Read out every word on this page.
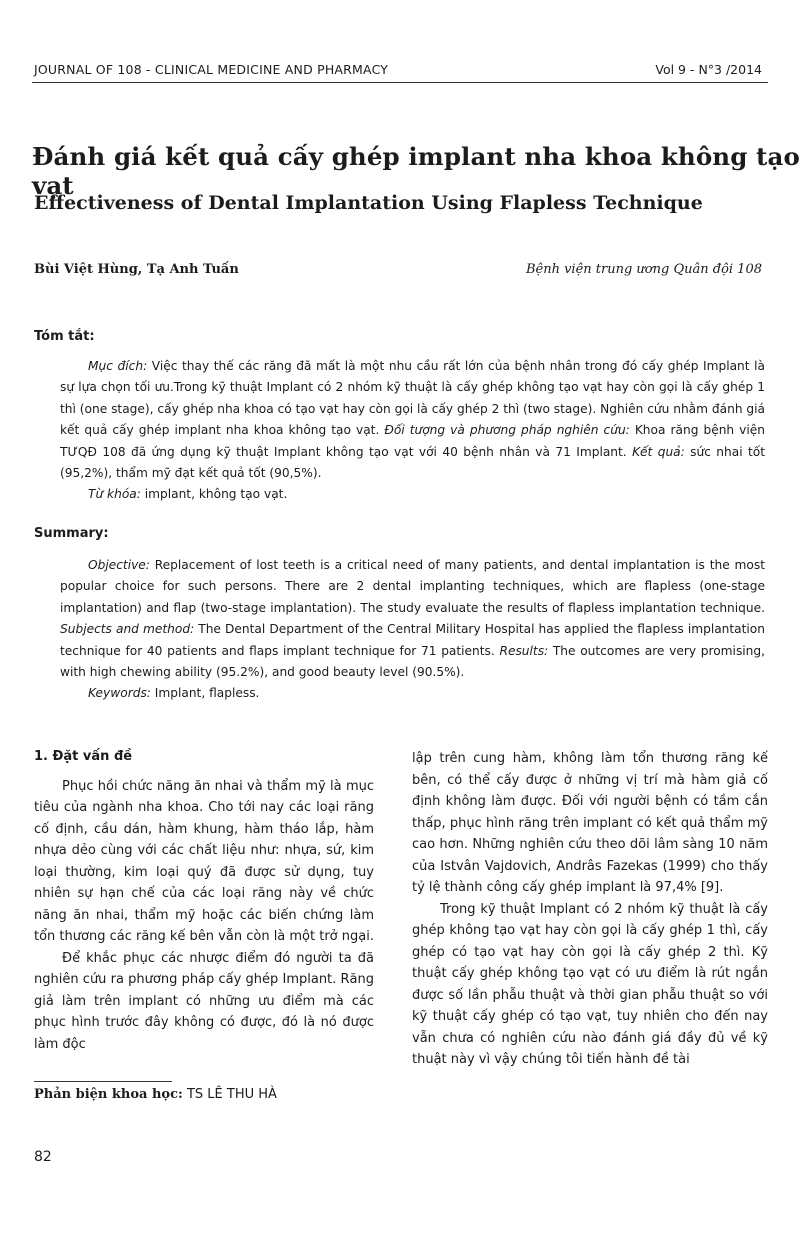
JOURNAL OF 108 - CLINICAL MEDICINE AND PHARMACY	Vol 9 - N°3 /2014
Đánh giá kết quả cấy ghép implant nha khoa không tạo vạt
Effectiveness of Dental Implantation Using Flapless Technique
Bùi Việt Hùng, Tạ Anh Tuấn	Bệnh viện trung ương Quân đội 108
Tóm tắt:

Mục đích: Việc thay thế các răng đã mất là một nhu cầu rất lớn của bệnh nhân trong đó cấy ghép Implant là sự lựa chọn tối ưu.Trong kỹ thuật Implant có 2 nhóm kỹ thuật là cấy ghép không tạo vạt hay còn gọi là cấy ghép 1 thì (one stage), cấy ghép nha khoa có tạo vạt hay còn gọi là cấy ghép 2 thì (two stage). Nghiên cứu nhằm đánh giá kết quả cấy ghép implant nha khoa không tạo vạt. Đối tượng và phương pháp nghiên cứu: Khoa răng bệnh viện TƯQĐ 108 đã ứng dụng kỹ thuật Implant không tạo vạt với 40 bệnh nhân và 71 Implant. Kết quả: sức nhai tốt (95,2%), thẩm mỹ đạt kết quả tốt (90,5%).

Từ khóa: implant, không tạo vạt.

Summary:

Objective: Replacement of lost teeth is a critical need of many patients, and dental implantation is the most popular choice for such persons. There are 2 dental implanting techniques, which are flapless (one-stage implantation) and flap (two-stage implantation). The study evaluate the results of flapless implantation technique. Subjects and method: The Dental Department of the Central Military Hospital has applied the flapless implantation technique for 40 patients and flaps implant technique for 71 patients. Results: The outcomes are very promising, with high chewing ability (95.2%), and good beauty level (90.5%).

Keywords: Implant, flapless.

1. Đặt vấn đề

Phục hồi chức năng ăn nhai và thẩm mỹ là mục tiêu của ngành nha khoa. Cho tới nay các loại răng cố định, cầu dán, hàm khung, hàm tháo lắp, hàm nhựa dẻo cùng với các chất liệu như: nhựa, sứ, kim loại thường, kim loại quý đã được sử dụng, tuy nhiên sự hạn chế của các loại răng này về chức năng ăn nhai, thẩm mỹ hoặc các biến chứng làm tổn thương các răng kế bên vẫn còn là một trở ngại.

Để khắc phục các nhược điểm đó người ta đã nghiên cứu ra phương pháp cấy ghép Implant. Răng giả làm trên implant có những ưu điểm mà các phục hình trước đây không có được, đó là nó được làm độc

lập trên cung hàm, không làm tổn thương răng kế bên, có thể cấy được ở những vị trí mà hàm giả cố định không làm được. Đối với người bệnh có tầm cắn thấp, phục hình răng trên implant có kết quả thẩm mỹ cao hơn. Những nghiên cứu theo dõi lâm sàng 10 năm của Istvân Vajdovich, Andrâs Fazekas (1999) cho thấy tỷ lệ thành công cấy ghép implant là 97,4% [9].

Trong kỹ thuật Implant có 2 nhóm kỹ thuật là cấy ghép không tạo vạt hay còn gọi là cấy ghép 1 thì, cấy ghép có tạo vạt hay còn gọi là cấy ghép 2 thì. Kỹ thuật cấy ghép không tạo vạt có ưu điểm là rút ngắn được số lần phẫu thuật và thời gian phẫu thuật so với kỹ thuật cấy ghép có tạo vạt, tuy nhiên cho đến nay vẫn chưa có nghiên cứu nào đánh giá đầy đủ về kỹ thuật này vì vậy chúng tôi tiến hành đề tài

Phản biện khoa học: TS LÊ THU HÀ
82
